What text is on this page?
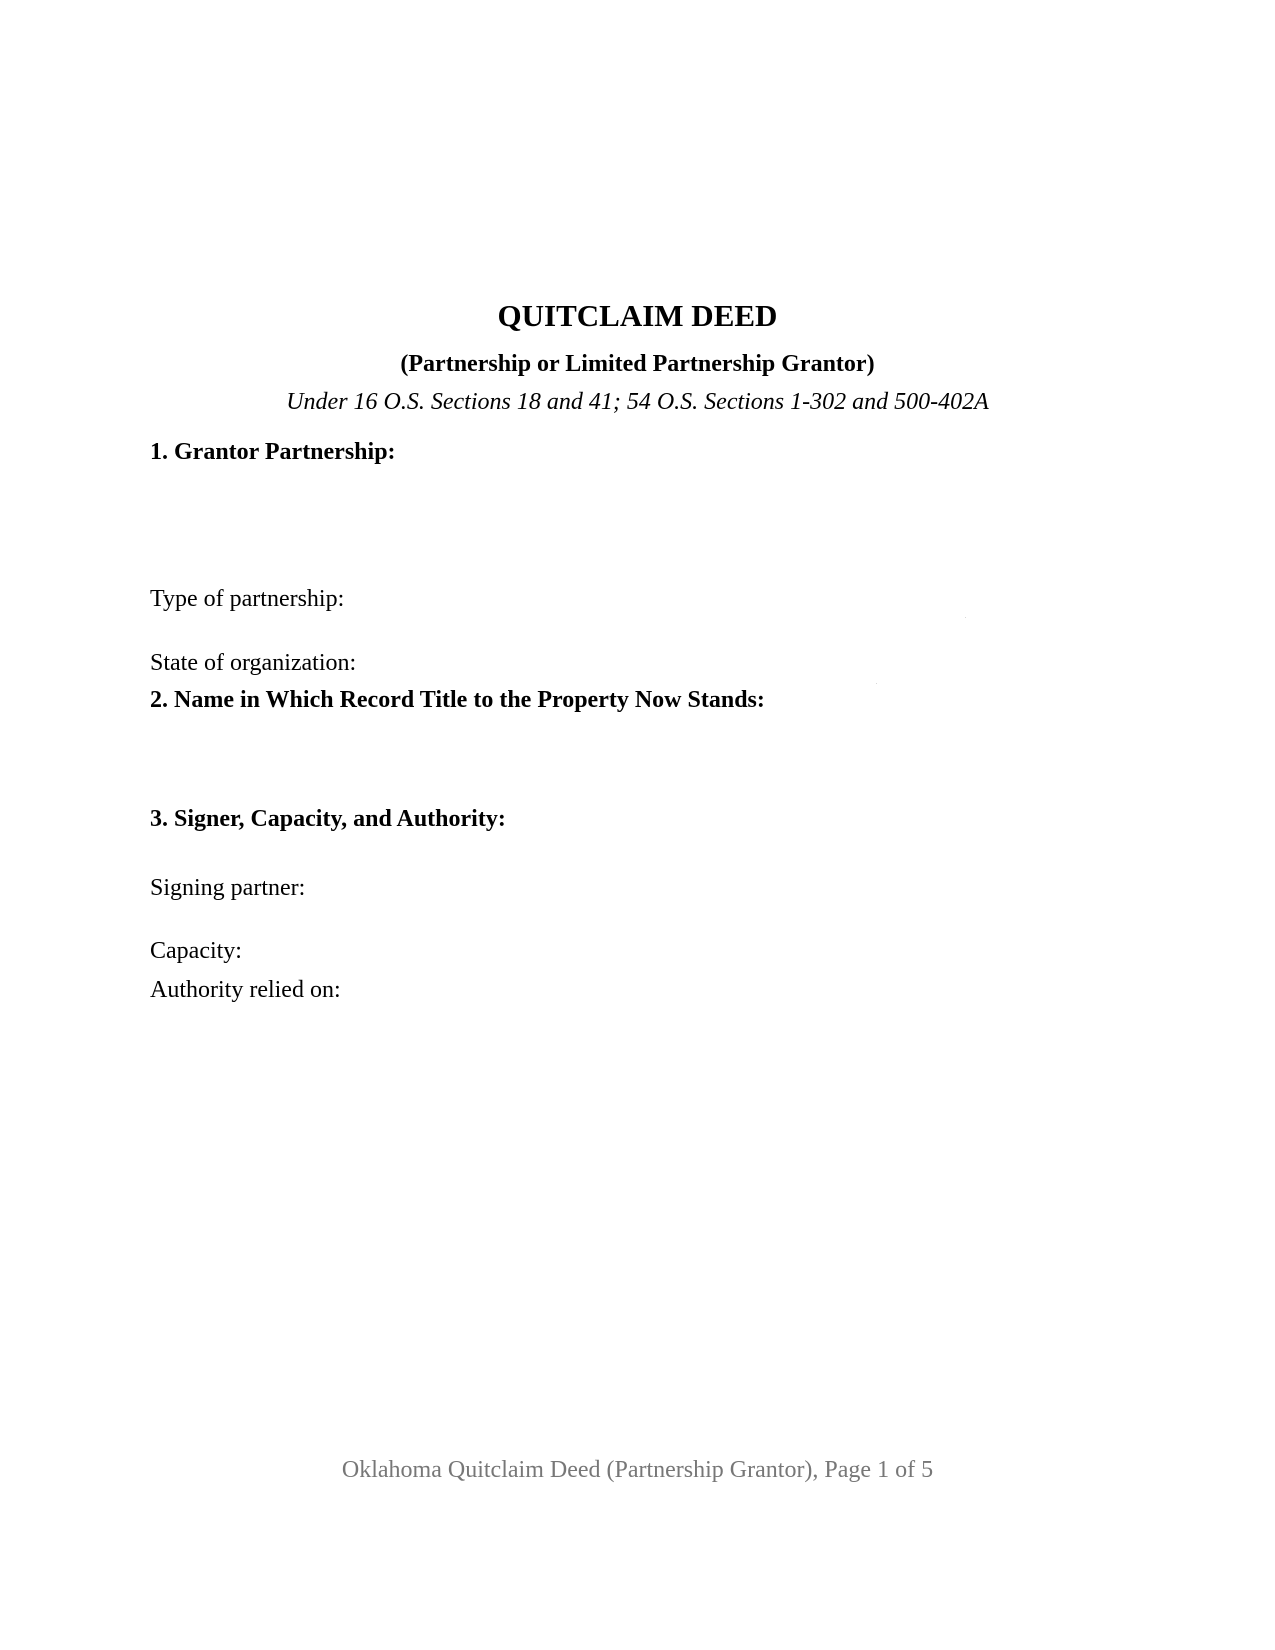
QUITCLAIM DEED
(Partnership or Limited Partnership Grantor)
Under 16 O.S. Sections 18 and 41; 54 O.S. Sections 1-302 and 500-402A
1. Grantor Partnership:
Type of partnership:
State of organization:
2. Name in Which Record Title to the Property Now Stands:
3. Signer, Capacity, and Authority:
Signing partner:
Capacity:
Authority relied on:
Oklahoma Quitclaim Deed (Partnership Grantor), Page 1 of 5
